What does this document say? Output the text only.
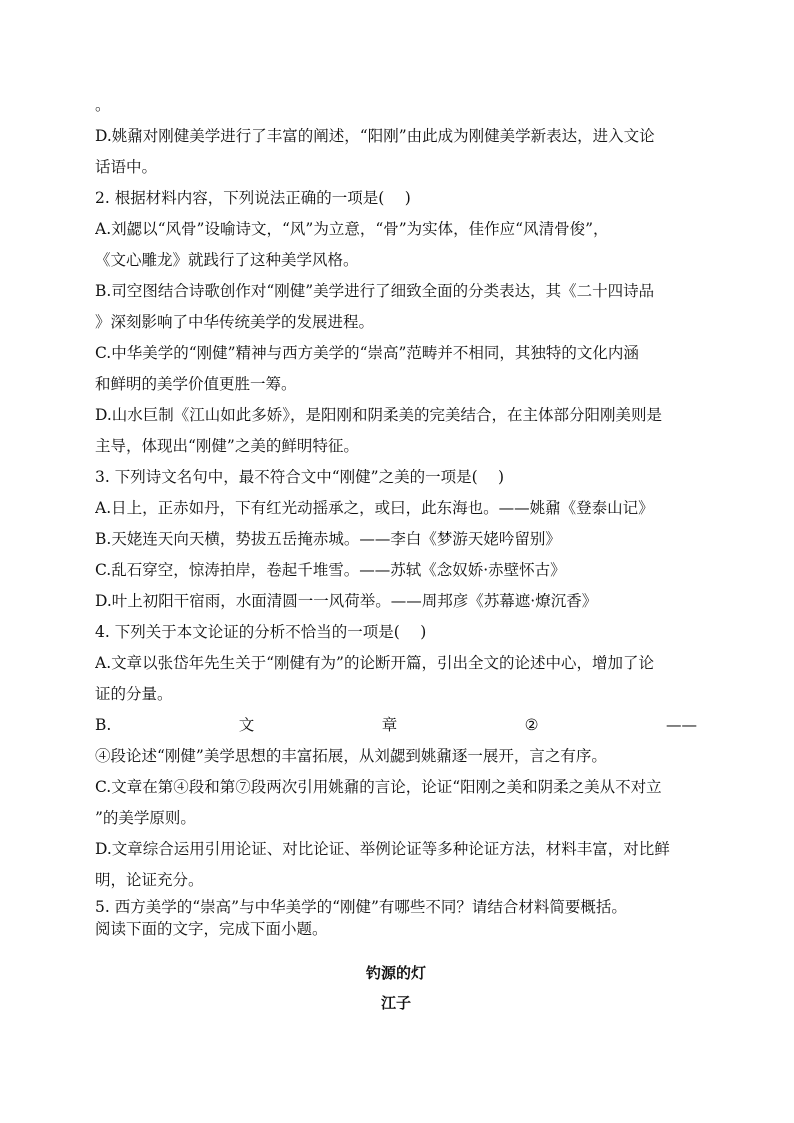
。
D.姚鼐对刚健美学进行了丰富的阐述，“阳刚”由此成为刚健美学新表达，进入文论
话语中。
2. 根据材料内容，下列说法正确的一项是(　 )
A.刘勰以“风骨”设喻诗文，“风”为立意，“骨”为实体，佳作应“风清骨俊”，
《文心雕龙》就践行了这种美学风格。
B.司空图结合诗歌创作对“刚健”美学进行了细致全面的分类表达，其《二十四诗品
》深刻影响了中华传统美学的发展进程。
C.中华美学的“刚健”精神与西方美学的“崇高”范畴并不相同，其独特的文化内涵
和鲜明的美学价值更胜一筹。
D.山水巨制《江山如此多娇》，是阳刚和阴柔美的完美结合，在主体部分阳刚美则是
主导，体现出“刚健”之美的鲜明特征。
3. 下列诗文名句中，最不符合文中“刚健”之美的一项是(　 )
A.日上，正赤如丹，下有红光动摇承之，或曰，此东海也。——姚鼐《登泰山记》
B.天姥连天向天横，势拔五岳掩赤城。——李白《梦游天姥吟留别》
C.乱石穿空，惊涛拍岸，卷起千堆雪。——苏轼《念奴娇·赤壁怀古》
D.叶上初阳干宿雨，水面清圆一一风荷举。——周邦彦《苏幕遮·燎沉香》
4. 下列关于本文论证的分析不恰当的一项是(　 )
A.文章以张岱年先生关于“刚健有为”的论断开篇，引出全文的论述中心，增加了论
证的分量。
B.	文	章	②	——
④段论述“刚健”美学思想的丰富拓展，从刘勰到姚鼐逐一展开，言之有序。
C.文章在第④段和第⑦段两次引用姚鼐的言论，论证“阳刚之美和阴柔之美从不对立
”的美学原则。
D.文章综合运用引用论证、对比论证、举例论证等多种论证方法，材料丰富，对比鲜
明，论证充分。
5. 西方美学的“崇高”与中华美学的“刚健”有哪些不同？请结合材料简要概括。
阅读下面的文字，完成下面小题。
钓源的灯
江子
